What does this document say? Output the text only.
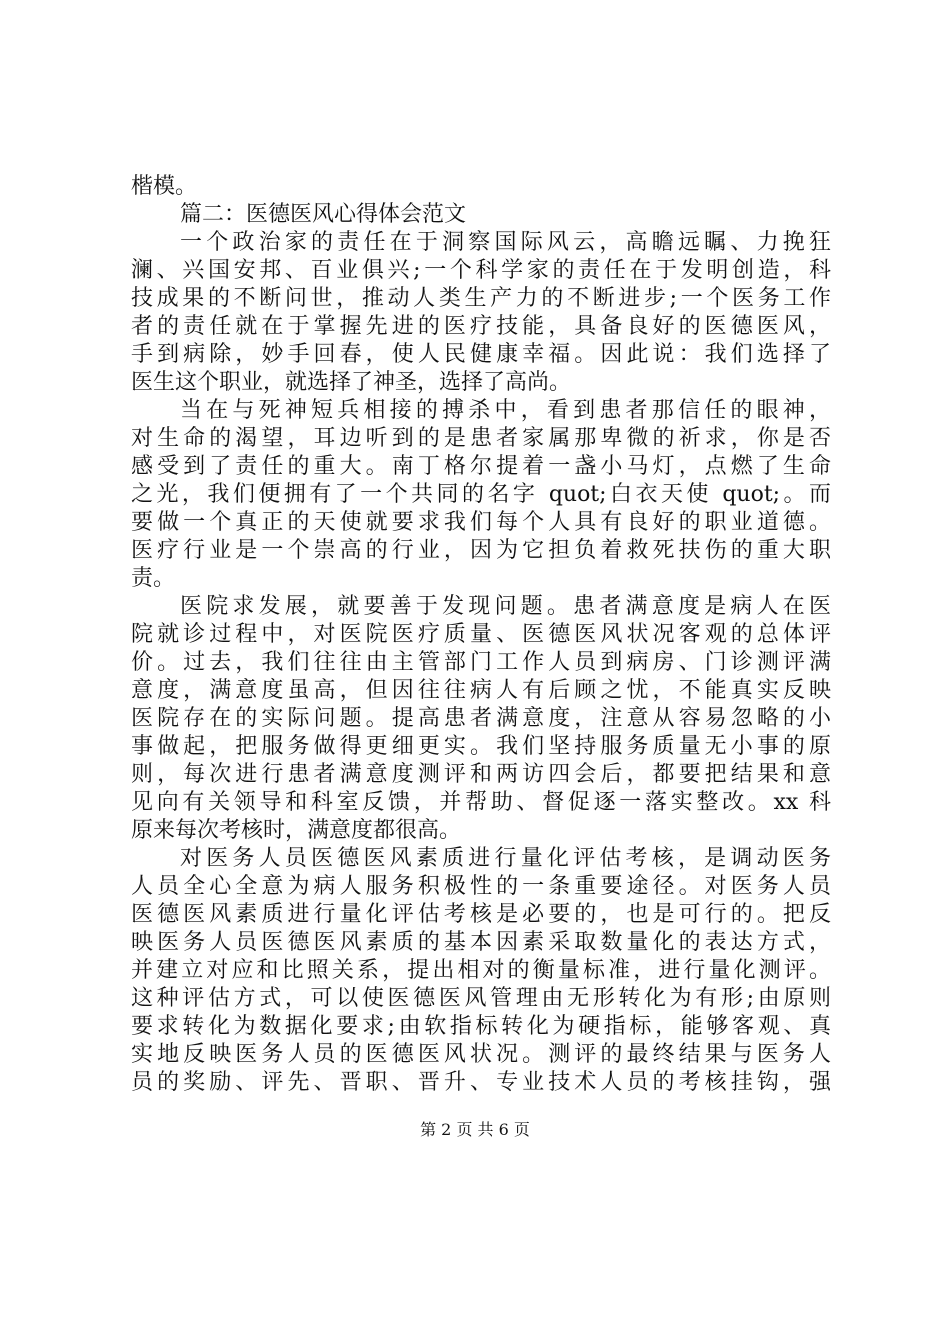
楷模。
篇二：医德医风心得体会范文
一个政治家的责任在于洞察国际风云，高瞻远瞩、力挽狂
澜、兴国安邦、百业俱兴;一个科学家的责任在于发明创造，科
技成果的不断问世，推动人类生产力的不断进步;一个医务工作
者的责任就在于掌握先进的医疗技能，具备良好的医德医风，
手到病除，妙手回春，使人民健康幸福。因此说：我们选择了
医生这个职业，就选择了神圣，选择了高尚。
当在与死神短兵相接的搏杀中，看到患者那信任的眼神，
对生命的渴望，耳边听到的是患者家属那卑微的祈求，你是否
感受到了责任的重大。南丁格尔提着一盏小马灯，点燃了生命
之光，我们便拥有了一个共同的名字 quot;白衣天使 quot;。而
要做一个真正的天使就要求我们每个人具有良好的职业道德。
医疗行业是一个崇高的行业，因为它担负着救死扶伤的重大职
责。
医院求发展，就要善于发现问题。患者满意度是病人在医
院就诊过程中，对医院医疗质量、医德医风状况客观的总体评
价。过去，我们往往由主管部门工作人员到病房、门诊测评满
意度，满意度虽高，但因往往病人有后顾之忧，不能真实反映
医院存在的实际问题。提高患者满意度，注意从容易忽略的小
事做起，把服务做得更细更实。我们坚持服务质量无小事的原
则，每次进行患者满意度测评和两访四会后，都要把结果和意
见向有关领导和科室反馈，并帮助、督促逐一落实整改。xx 科
原来每次考核时，满意度都很高。
对医务人员医德医风素质进行量化评估考核，是调动医务
人员全心全意为病人服务积极性的一条重要途径。对医务人员
医德医风素质进行量化评估考核是必要的，也是可行的。把反
映医务人员医德医风素质的基本因素采取数量化的表达方式，
并建立对应和比照关系，提出相对的衡量标准，进行量化测评。
这种评估方式，可以使医德医风管理由无形转化为有形;由原则
要求转化为数据化要求;由软指标转化为硬指标，能够客观、真
实地反映医务人员的医德医风状况。测评的最终结果与医务人
员的奖励、评先、晋职、晋升、专业技术人员的考核挂钩，强
第 2 页 共 6 页
